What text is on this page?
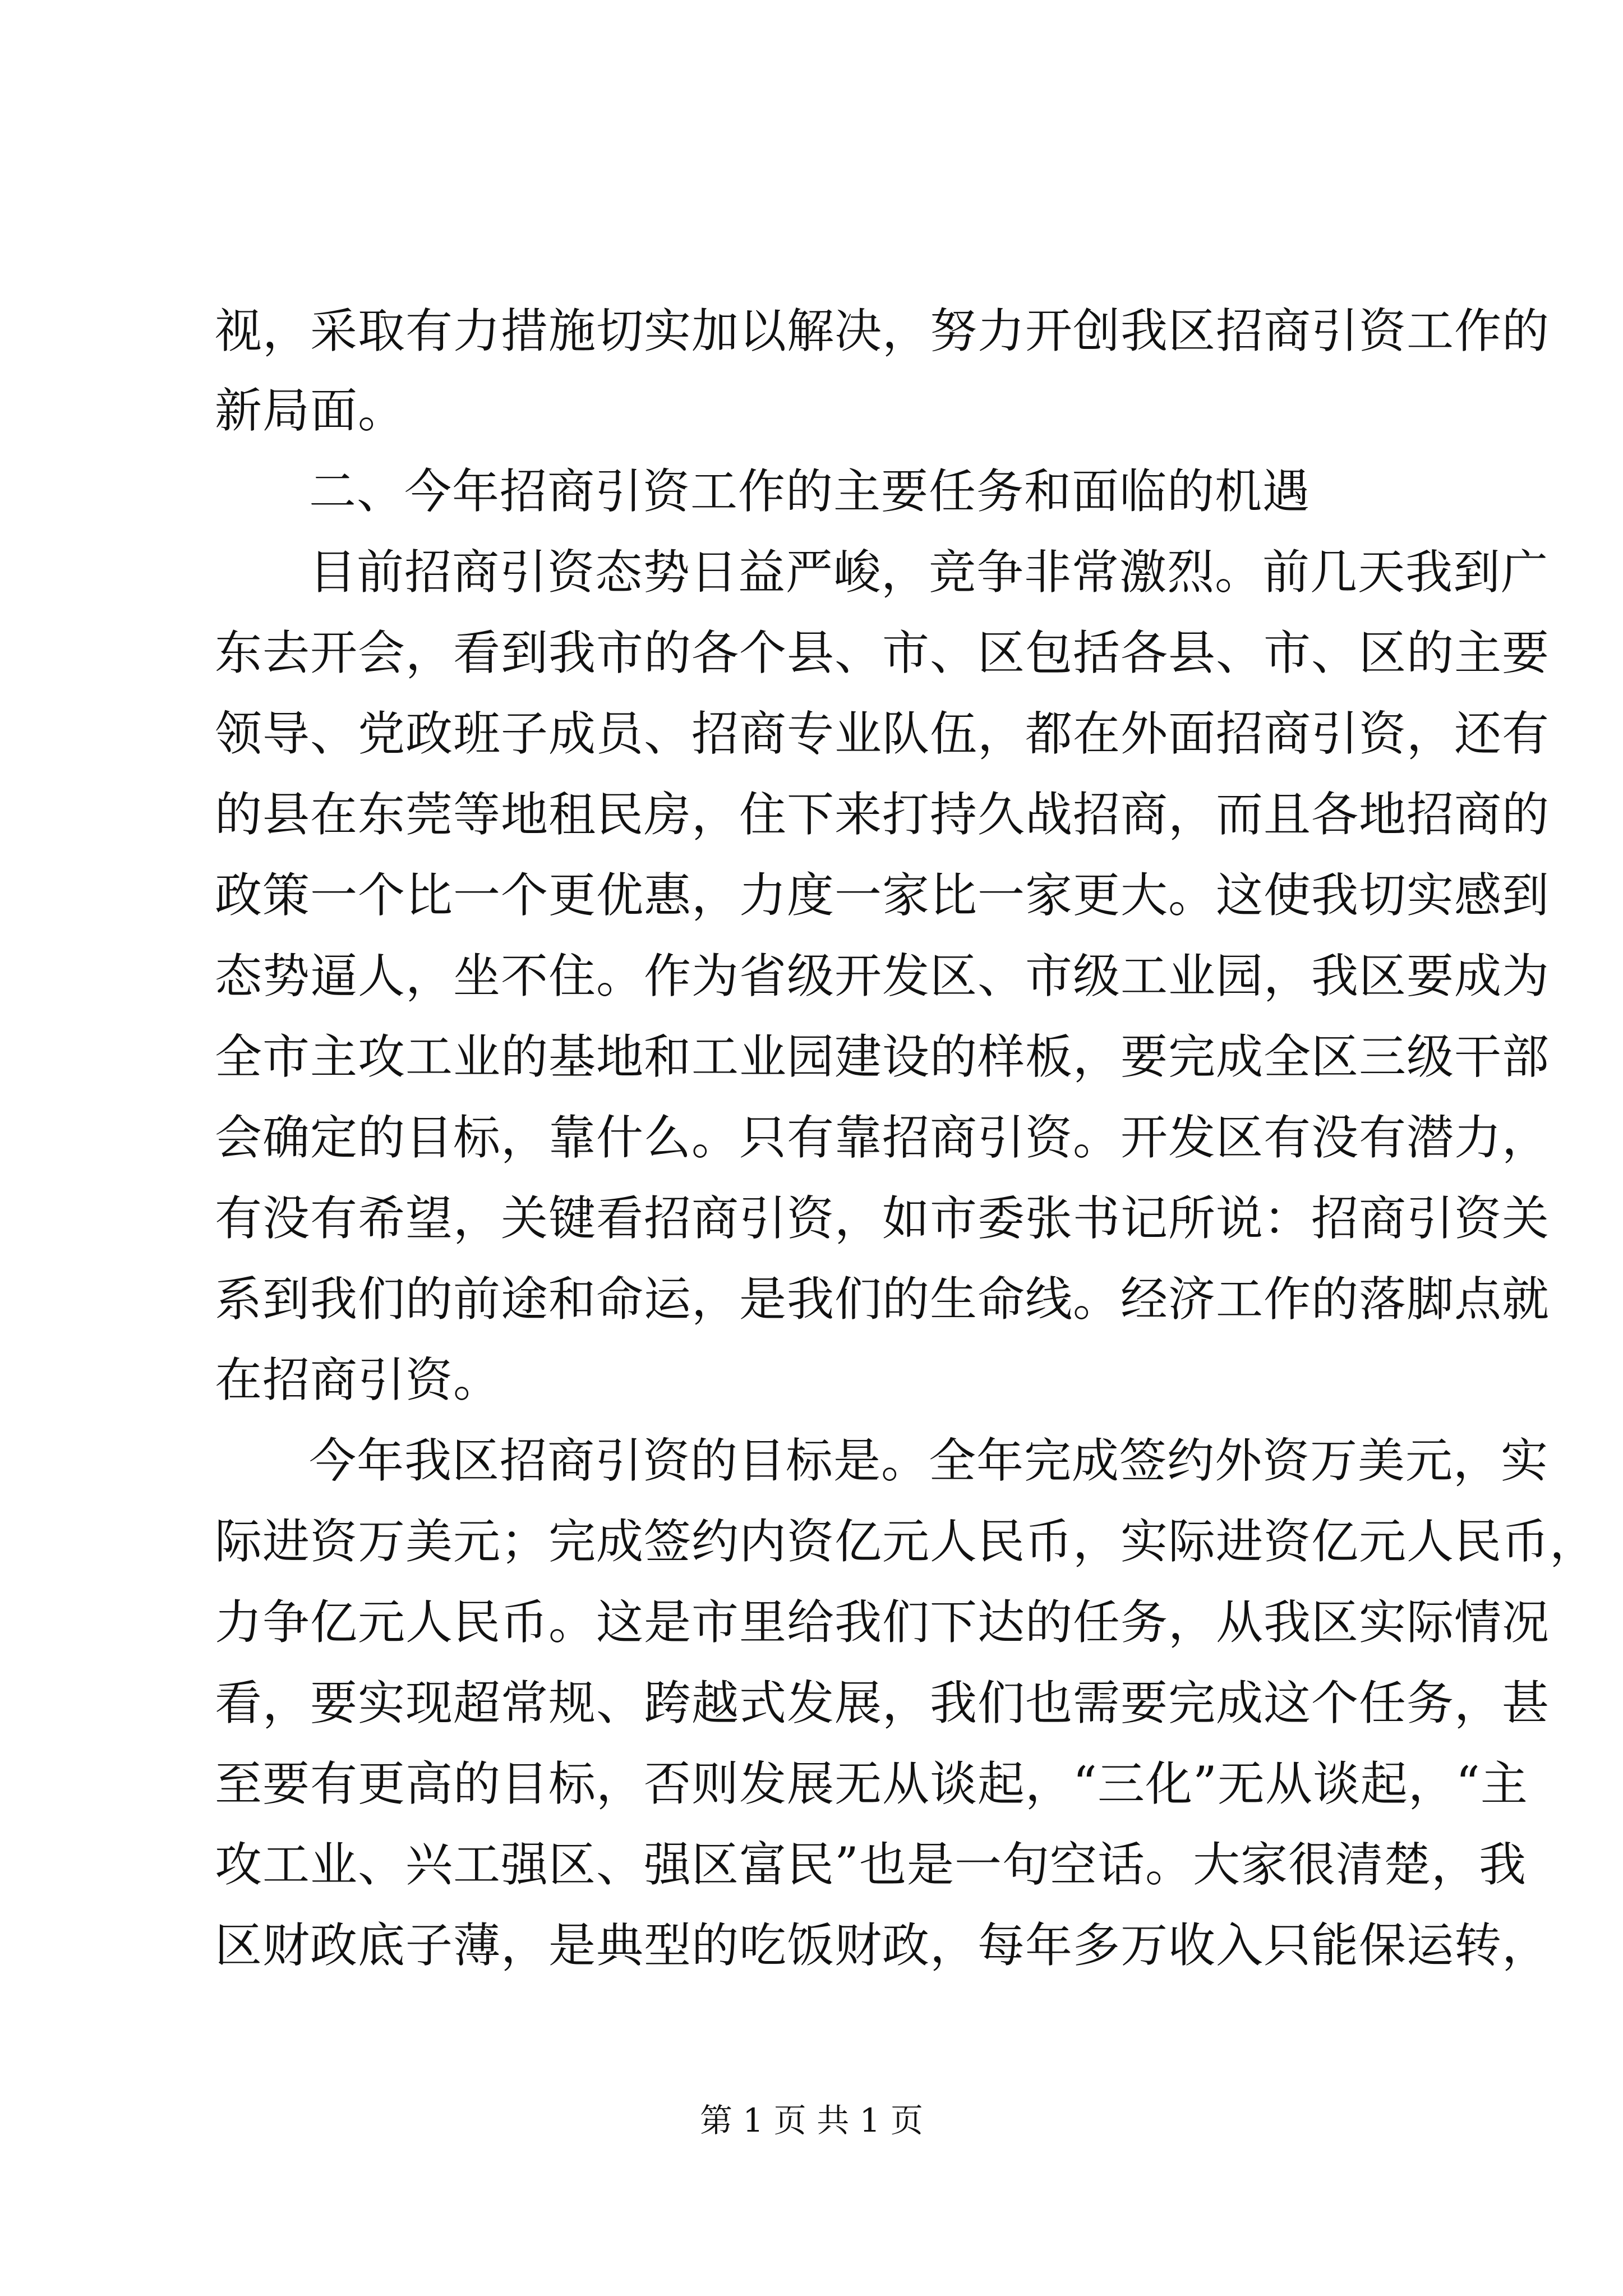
视，采取有力措施切实加以解决，努力开创我区招商引资工作的
新局面。
二、今年招商引资工作的主要任务和面临的机遇
目前招商引资态势日益严峻，竞争非常激烈。前几天我到广
东去开会，看到我市的各个县、市、区包括各县、市、区的主要
领导、党政班子成员、招商专业队伍，都在外面招商引资，还有
的县在东莞等地租民房，住下来打持久战招商，而且各地招商的
政策一个比一个更优惠，力度一家比一家更大。这使我切实感到
态势逼人，坐不住。作为省级开发区、市级工业园，我区要成为
全市主攻工业的基地和工业园建设的样板，要完成全区三级干部
会确定的目标，靠什么。只有靠招商引资。开发区有没有潜力，
有没有希望，关键看招商引资，如市委张书记所说：招商引资关
系到我们的前途和命运，是我们的生命线。经济工作的落脚点就
在招商引资。
今年我区招商引资的目标是。全年完成签约外资万美元，实
际进资万美元；完成签约内资亿元人民币，实际进资亿元人民币，
力争亿元人民币。这是市里给我们下达的任务，从我区实际情况
看，要实现超常规、跨越式发展，我们也需要完成这个任务，甚
至要有更高的目标，否则发展无从谈起，“三化”无从谈起，“主
攻工业、兴工强区、强区富民”也是一句空话。大家很清楚，我
区财政底子薄，是典型的吃饭财政，每年多万收入只能保运转，
第 1 页 共 1 页
